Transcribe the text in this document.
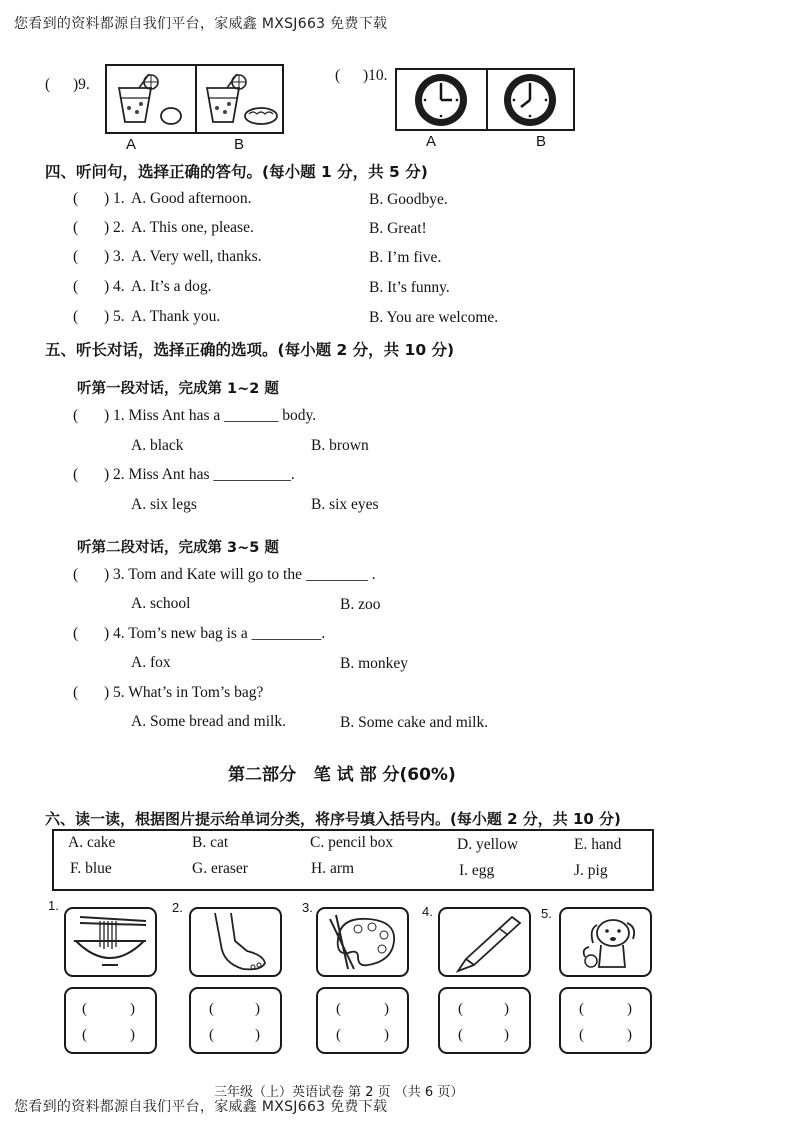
您看到的资料都源自我们平台，家威鑫 MXSJ663 免费下载
( )9.
A	B
( )10.
A	B
四、听问句，选择正确的答句。(每小题 1 分，共 5 分)
( ) 1. A. Good afternoon.	B. Goodbye.
( ) 2. A. This one, please.	B. Great!
( ) 3. A. Very well, thanks.	B. I’m five.
( ) 4. A. It’s a dog.	B. It’s funny.
( ) 5. A. Thank you.	B. You are welcome.
五、听长对话，选择正确的选项。(每小题 2 分，共 10 分)
听第一段对话，完成第 1~2 题
( ) 1. Miss Ant has a _______ body.
A. black	B. brown
( ) 2. Miss Ant has __________.
A. six legs	B. six eyes
听第二段对话，完成第 3~5 题
( ) 3. Tom and Kate will go to the ________ .
A. school	B. zoo
( ) 4. Tom’s new bag is a _________.
A. fox	B. monkey
( ) 5. What’s in Tom’s bag?
A. Some bread and milk.	B. Some cake and milk.
第二部分   笔 试 部 分(60%)
六、读一读，根据图片提示给单词分类，将序号填入括号内。(每小题 2 分，共 10 分)
A. cake	B. cat	C. pencil box	D. yellow	E. hand
F. blue	G. eraser	H. arm	I. egg	J. pig
1.
(	)
(	)
2.
(	)
(	)
3.
(	)
(	)
4.
(	)
(	)
5.
(	)
(	)
三年级（上）英语试卷 第 2 页 （共 6 页）
您看到的资料都源自我们平台，家威鑫 MXSJ663 免费下载
